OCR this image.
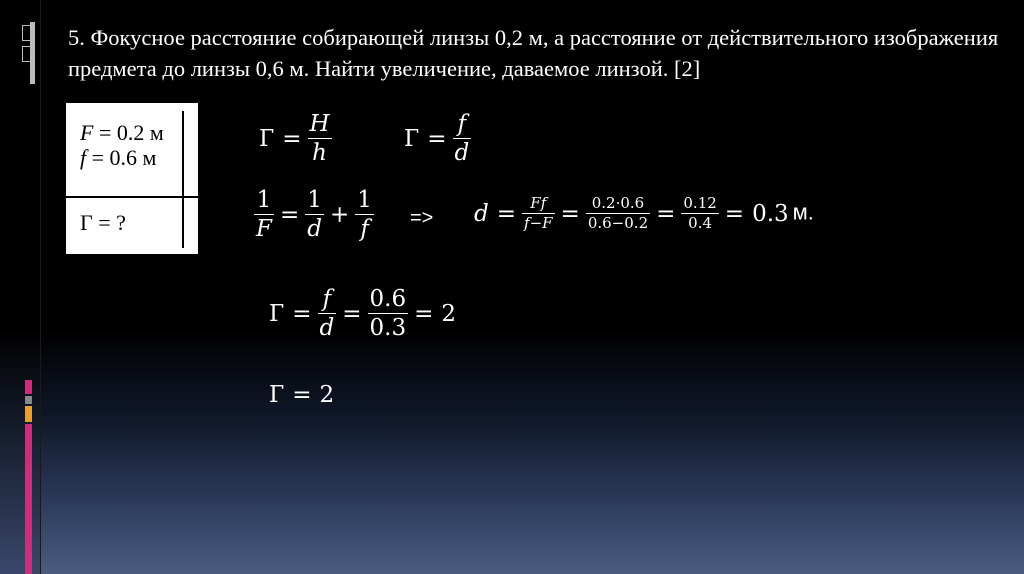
5. Фокусное расстояние собирающей линзы 0,2 м, а расстояние от действительного изображения предмета до линзы 0,6 м. Найти увеличение, даваемое линзой. [2]
F = 0.2 м
f = 0.6 м
Г = ?
$Г = \frac{H}{h}$	$Г = \frac{f}{d}$
$\frac{1}{F} = \frac{1}{d} + \frac{1}{f} => d = \frac{Ff}{f-F} = \frac{0.2\cdot 0.6}{0.6-0.2} = \frac{0.12}{0.4} = 0.3$ м.
$Г = \frac{f}{d} = \frac{0.6}{0.3} = 2$
Г = 2
